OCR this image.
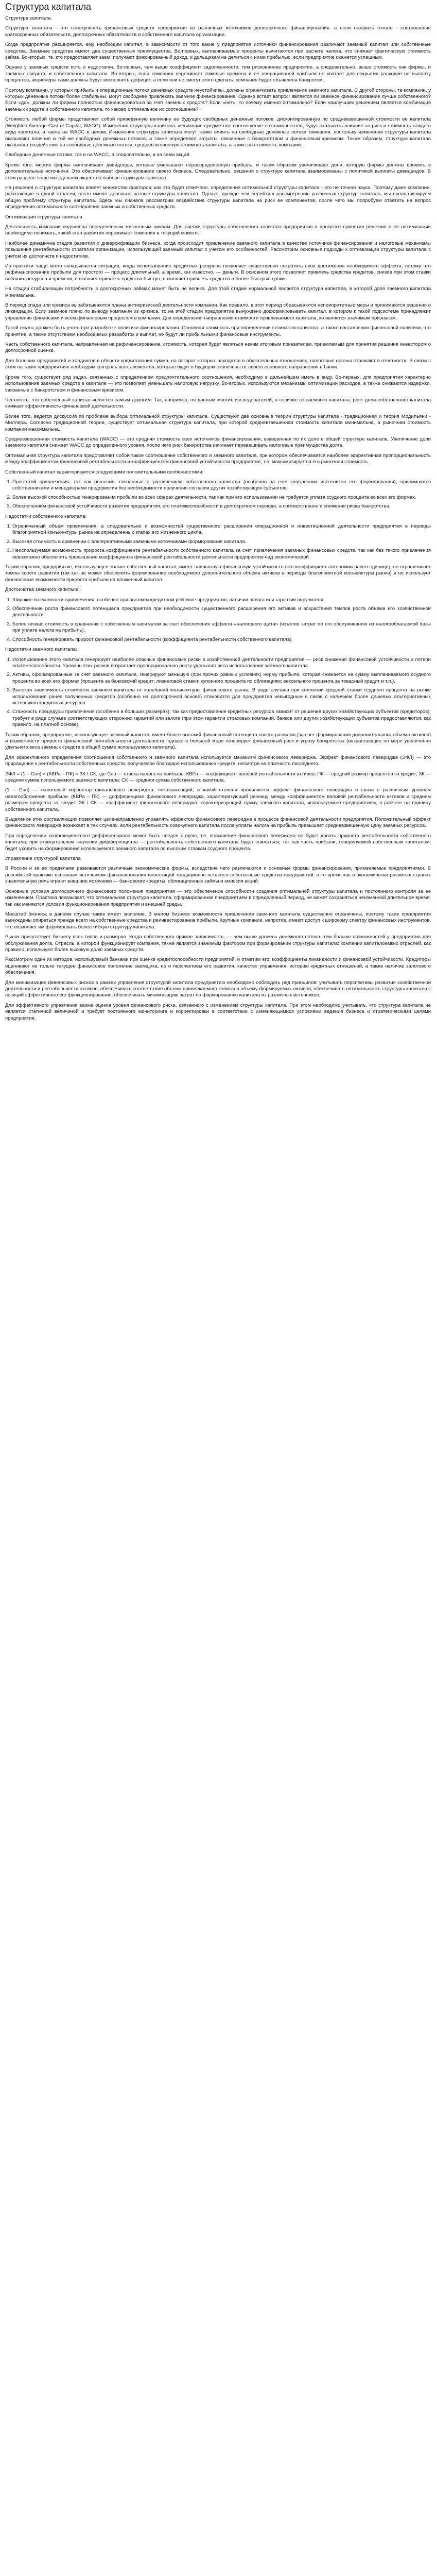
Структура капитала

Структура капитала.

Структура капитала - это совокупность финансовых средств предприятия из различных источников долгосрочного финансирования, а если говорить точнее - соотношение краткосрочных обязательств, долгосрочных обязательств и собственного капитала организации.

Когда предприятие расширяется, ему необходим капитал, в зависимости от того какие у предприятия источники финансирования различают заемный капитал или собственные средства. Заемные средства имеют два существенных преимущества. Во-первых, выплачиваемые проценты вычитаются при расчете налога, что снижает фактическую стоимость займа. Во-вторых, те, кто предоставляет заем, получают фиксированный доход, и дольщикам не делиться с ними прибылью, если предприятие окажется успешным.

Однако у заемных средств есть и недостатки. Во-первых, чем выше коэффициент задолженности, тем рискованнее предприятие, а следовательно, выше стоимость как фирмы, и заемных средств, и собственного капитала. Во-вторых, если компания переживает тяжелые времена и ее операционной прибыли не хватает для покрытия расходов на выплату процентов, акционеры сами должны будут восполнить дефицит, а если они не смогут этого сделать, компания будет объявлена банкротом.

Поэтому компании, у которых прибыль и операционные потоки денежных средств неустойчивы, должны ограничивать привлечение заемного капитала. С другой стороны, те компании, у которых денежные потоки более стабильны, могут свободнее привлекать заемное финансирование. Однако встает вопрос: является ли заемное финансирование лучше собственного? Если «да», должны ли фирмы полностью финансироваться за счет заемных средств? Если «нет», то почему именно оптимально? Если наилучшим решением является комбинация заемных средств и собственного капитала, то каково оптимальное их соотношение?

Стоимость любой фирмы представляет собой приведенную величину ее будущих свободных денежных потоков, дисконтированную по средневзвешенной стоимости ее капитала (Weighted Average Cost of Capital, WACC). Изменения структуры капитала, меняющие предметное соотношение его компонентов, будут оказывать влияние на риск и стоимость каждого вида капитала, а также на WACC в целом. Изменения структуры капитала могут также влиять на свободные денежные потоки компании, поскольку изменения структуры капитала оказывают влияние и той же свободных денежных потоков, а также определяют затраты, связанные с банкротством и финансовым кризисом. Таким образом, структура капитала оказывает воздействие на свободные денежные потоки, средневзвешенную стоимость капитала, а также на стоимость компании.

Свободные денежные потоки, так и на WACC, а следовательно, и на сами акций.

Кроме того, многие фирмы выплачивают дивиденды, которые уменьшают нераспределенную прибыль, и таким образом увеличивают доли, которую фирмы должны вложить в дополнительные источники. Это обеспечивает финансирование своего бизнеса. Следовательно, решения о структуре капитала взаимосвязаны с политикой выплаты дивидендов. В этом разделе чаще мы сделаем акцент на выборе структуры капитала.

На решения о структуре капитала влияет множество факторов, как это будет отмечено, определение оптимальной структуры капитала - это не точная наука. Поэтому даже компании, работающие в одной отрасли, часто имеют довольно разные структуры капитала. Однако, прежде чем перейти к рассмотрению различных структур капитала, мы проанализируем общую проблему структуры капитала. Здесь мы сначала рассмотрим воздействие структуры капитала на риск ее компонентов, после чего мы попробуем ответить на вопрос определения оптимального соотношения заемных и собственных средств.

Оптимизация структуры капитала

Деятельность компании подчинена определенным жизненным циклам. Для оценки структуры собственного капитала предприятия в процессе принятия решения о ее оптимизации необходимо понимать, какой этап развития переживает компания в текущий момент.

Наиболее динамична стадия развития и диверсификации бизнеса, когда происходит привлечение заемного капитала в качестве источника финансирования и налоговые механизмы повышения рентабельности стратегии организации, использующей заемный капитал с учетом его особенностей. Рассмотрим основные подходы к оптимизации структуры капитала с учетом их достоинств и недостатков.

Из практики чаще всего складывается ситуация, когда использование кредитных ресурсов позволяет существенно сократить срок достижения необходимого эффекта, потому что рефинансирование прибыли для простого — процесс длительный, а время, как известно, — деньги. В основном этого позволяет привлечь средства кредитов, снизив при этом ставки внешних ресурсов и времени, позволяет привлечь средства быстро, позволяет привлечь средства в более быстрые сроки.

На стадии стабилизации потребность в долгосрочных займах может быть не велика. Для этой стадии нормальной является структура капитала, в которой доля заемного капитала минимальна.

В период спада или кризиса вырабатываются планы антикризисной деятельности компании. Как правило, в этот период сбрасываются неприоритетные меры и принимаются решения о ликвидации. Если заемное плечо по выводу компании из кризиса, то на этой стадии предприятие вынуждено доформировывать капитал, в котором к такой подсистеме принадлежит управление финансами и всем финансовым процессом в компании. Для определения направления стоимости привлекаемого капитала, ко является значимым признаком.

Такой нюанс должен быть учтен при разработке политики финансирования. Основная сложность при определении стоимости капитала, а также составлении финансовой политики, это принятие, а также отсутствием необходимых разработок и выплат, не будут ли прибыльными финансовые инструменты.

Часть собственного капитала, направленная на рефинансирование, стоимость, которая будет являться неким итоговым показателем, приемлемым для принятия решения инвестором о долгосрочной оценке.

Для больших предприятий и холдингов в области кредитования сумма, на возврат которых находятся в обязательных отношениях, налоговые органы отражают в отчетности. В связи с этим на таких предприятиях необходим контроль всех элементов, которые будут в будущем отвлечены от своего основного направления в банки.

Кроме того, существует ряд задач, связанных с определением предпочтительного соотношения, необходимо в дальнейшем иметь в виду. Во-первых, для предприятия характерно использование заемных средств в капитале — это позволяет уменьшать налоговую нагрузку. Во-вторых, используются механизмы оптимизации расходов, а также снижаются издержки, связанные с банкротством и финансовым кризисом.

Честность, что собственный капитал является самым дорогим. Так, например, по данным многих исследователей, в отличие от заемного капитала, рост доли собственного капитала снижает эффективность финансовой деятельности.

Более того, ведется дискуссия по проблеме выбора оптимальной структуры капитала. Существуют две основные теории структуры капитала - традиционная и теория Модильяни - Миллера. Согласно традиционной теории, существует оптимальная структура капитала, при которой средневзвешенная стоимость капитала минимальна, а рыночная стоимость компании максимальна.

Средневзвешенная стоимость капитала (WACC) — это средняя стоимость всех источников финансирования, взвешенная по их доле в общей структуре капитала. Увеличение доли заемного капитала снижает WACC до определенного уровня, после чего риск банкротства начинает перевешивать налоговые преимущества долга.

Оптимальная структура капитала представляет собой такое соотношение собственного и заемного капитала, при котором обеспечивается наиболее эффективная пропорциональность между коэффициентом финансовой рентабельности и коэффициентом финансовой устойчивости предприятия, т.е. максимизируется его рыночная стоимость.

Собственный капитал характеризуется следующими положительными особенностями:

1. Простотой привлечения, так как решения, связанные с увеличением собственного капитала (особенно за счет внутренних источников его формирования), принимаются собственниками и менеджерами предприятия без необходимости получения согласия других хозяйствующих субъектов.
2. Более высокой способностью генерирования прибыли во всех сферах деятельности, так как при его использовании не требуется уплата ссудного процента во всех его формах.
3. Обеспечением финансовой устойчивости развития предприятия, его платежеспособности в долгосрочном периоде, а соответственно и снижения риска банкротства.

Недостатки собственного капитала:

1. Ограниченный объем привлечения, а следовательно и возможностей существенного расширения операционной и инвестиционной деятельности предприятия в периоды благоприятной конъюнктуры рынка на определенных этапах его жизненного цикла.
2. Высокая стоимость в сравнении с альтернативными заемными источниками формирования капитала.
3. Неиспользуемая возможность прироста коэффициента рентабельности собственного капитала за счет привлечения заемных финансовых средств, так как без такого привлечения невозможно обеспечить превышение коэффициента финансовой рентабельности деятельности предприятия над экономической.

Таким образом, предприятие, использующее только собственный капитал, имеет наивысшую финансовую устойчивость (его коэффициент автономии равен единице), но ограничивает темпы своего развития (так как не может обеспечить формирование необходимого дополнительного объема активов в периоды благоприятной конъюнктуры рынка) и не использует финансовые возможности прироста прибыли на вложенный капитал.

Достоинства заемного капитала:

1. Широкие возможности привлечения, особенно при высоком кредитном рейтинге предприятия, наличии залога или гарантии поручителя.
2. Обеспечение роста финансового потенциала предприятия при необходимости существенного расширения его активов и возрастания темпов роста объема его хозяйственной деятельности.
3. Более низкая стоимость в сравнении с собственным капиталом за счет обеспечения эффекта «налогового щита» (изъятия затрат по его обслуживанию из налогооблагаемой базы при уплате налога на прибыль).
4. Способность генерировать прирост финансовой рентабельности (коэффициента рентабельности собственного капитала).

Недостатки заемного капитала:

1. Использование этого капитала генерирует наиболее опасные финансовые риски в хозяйственной деятельности предприятия — риск снижения финансовой устойчивости и потери платежеспособности. Уровень этих рисков возрастает пропорционально росту удельного веса использования заемного капитала.
2. Активы, сформированные за счет заемного капитала, генерируют меньшую (при прочих равных условиях) норму прибыли, которая снижается на сумму выплачиваемого ссудного процента во всех его формах (процента за банковский кредит; лизинговой ставки; купонного процента по облигациям; вексельного процента за товарный кредит и т.п.).
3. Высокая зависимость стоимости заемного капитала от колебаний конъюнктуры финансового рынка. В ряде случаев при снижении средней ставки ссудного процента на рынке использование ранее полученных кредитов (особенно на долгосрочной основе) становится для предприятия невыгодным в связи с наличием более дешевых альтернативных источников кредитных ресурсов.
4. Сложность процедуры привлечения (особенно в больших размерах), так как предоставление кредитных ресурсов зависит от решения других хозяйствующих субъектов (кредиторов), требует в ряде случаев соответствующих сторонних гарантий или залога (при этом гарантии страховых компаний, банков или других хозяйствующих субъектов предоставляются, как правило, на платной основе).

Таким образом, предприятие, использующее заемный капитал, имеет более высокий финансовый потенциал своего развития (за счет формирования дополнительного объема активов) и возможности прироста финансовой рентабельности деятельности, однако в большей мере генерирует финансовый риск и угрозу банкротства (возрастающие по мере увеличения удельного веса заемных средств в общей сумме используемого капитала).

Для эффективного определения соотношения собственного и заемного капитала используется механизм финансового левериджа. Эффект финансового левериджа (ЭФЛ) — это приращение к рентабельности собственных средств, получаемое благодаря использованию кредита, несмотря на платность последнего.

ЭФЛ = (1 – Снп) × (КВРа – ПК) × ЗК / СК, где Снп — ставка налога на прибыль; КВРа — коэффициент валовой рентабельности активов; ПК — средний размер процентов за кредит; ЗК — средняя сумма используемого заемного капитала; СК — средняя сумма собственного капитала.

(1 – Снп) — налоговый корректор финансового левериджа, показывающий, в какой степени проявляется эффект финансового левериджа в связи с различным уровнем налогообложения прибыли. (КВРа – ПК) — дифференциал финансового левериджа, характеризующий разницу между коэффициентом валовой рентабельности активов и средним размером процента за кредит. ЗК / СК — коэффициент финансового левериджа, характеризующий сумму заемного капитала, используемого предприятием, в расчете на единицу собственного капитала.

Выделение этих составляющих позволяет целенаправленно управлять эффектом финансового левериджа в процессе финансовой деятельности предприятия. Положительный эффект финансового левериджа возникает в тех случаях, если рентабельность совокупного капитала после уплаты налога на прибыль превышает средневзвешенную цену заемных ресурсов.

При определении коэффициентного дифференциала может быть сведен к нулю, т.е. повышение финансового левериджа не будет давать прироста рентабельности собственного капитала; при отрицательном значении дифференциала — рентабельность собственного капитала будет снижаться, так как часть прибыли, генерируемой собственным капиталом, будет уходить на формирование используемого заемного капитала по высоким ставкам ссудного процента.

Управление структурой капитала

В России и за ее пределами развиваются различные экономические формы, вследствие чего различаются и основные формы финансирования, применяемые предприятиями. В российской практике основным источником финансирования инвестиций традиционно остаются собственные средства предприятий, в то время как в экономически развитых странах значительную роль играют внешние источники — банковские кредиты, облигационные займы и эмиссия акций.

Основные условия долгосрочного финансового положения предприятия — это обеспечение способности создания оптимальной структуры капитала и постоянного контроля за ее изменением. Практика показывает, что оптимальная структура капитала, сформированная предприятием в определенный период, не может сохраняться неизменной длительное время, так как меняются условия функционирования предприятия и внешней среды.

Масштаб бизнеса в данном случае также имеет значение. В малом бизнесе возможности привлечения заемного капитала существенно ограничены, поэтому такие предприятия вынуждены опираться прежде всего на собственные средства и реинвестирование прибыли. Крупные компании, напротив, имеют доступ к широкому спектру финансовых инструментов, что позволяет им формировать более гибкую структуру капитала.

Рынок присутствует бизнесу всех типов и размеров. Когда собственного прямое зависимость, — чем выше уровень денежного потока, тем больше возможностей у предприятия для обслуживания долга. Отрасль, в которой функционирует компания, также является значимым фактором при формировании структуры капитала: компании капиталоемких отраслей, как правило, используют более высокую долю заемных средств.

Рассмотрим один из методов, используемый банками при оценке кредитоспособности предприятий, и отметим его: коэффициенты ликвидности и финансовой устойчивости. Кредиторы оценивают не только текущее финансовое положение заемщика, но и перспективы его развития, качество управления, историю кредитных отношений, а также наличие залогового обеспечения.

Для минимизации финансовых рисков в рамках управления структурой капитала предприятию необходимо соблюдать ряд принципов: учитывать перспективы развития хозяйственной деятельности и рентабельности активов; обеспечивать соответствие объема привлекаемого капитала объему формируемых активов; обеспечивать оптимальность структуры капитала с позиций эффективного его функционирования; обеспечивать минимизацию затрат по формированию капитала из различных источников.

Для эффективного управления важна оценка уровня финансового риска, связанного с изменением структуры капитала. При этом необходимо учитывать, что структура капитала не является статичной величиной и требует постоянного мониторинга и корректировки в соответствии с изменяющимися условиями ведения бизнеса и стратегическими целями предприятия.
